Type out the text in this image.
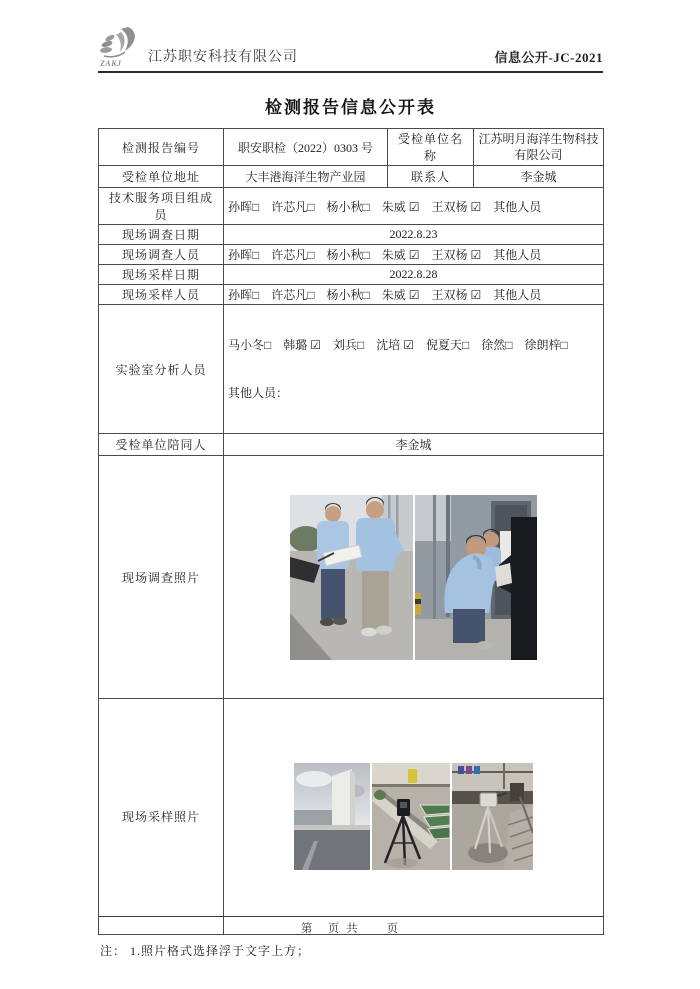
ZAKJ 江苏职安科技有限公司	信息公开-JC-2021
检测报告信息公开表
检测报告编号	职安职检（2022）0303 号	受检单位名称	江苏明月海洋生物科技有限公司
受检单位地址	大丰港海洋生物产业园	联系人	李金城
技术服务项目组成员	孙晖□　许芯凡□　杨小秋□　朱威 ☑　王双杨 ☑　其他人员		
现场调查日期	2022.8.23		
现场调查人员	孙晖□　许芯凡□　杨小秋□　朱威 ☑　王双杨 ☑　其他人员		
现场采样日期	2022.8.28		
现场采样人员	孙晖□　许芯凡□　杨小秋□　朱威 ☑　王双杨 ☑　其他人员		
实验室分析人员	马小冬□　韩璐 ☑　刘兵□　沈培 ☑　倪夏天□　徐然□　徐朗梓□

其他人员：		

受检单位陪同人	李金城		
现场调查照片	

现场采样照片	

注： 1.照片格式选择浮于文字上方；

第　页 共　　页
